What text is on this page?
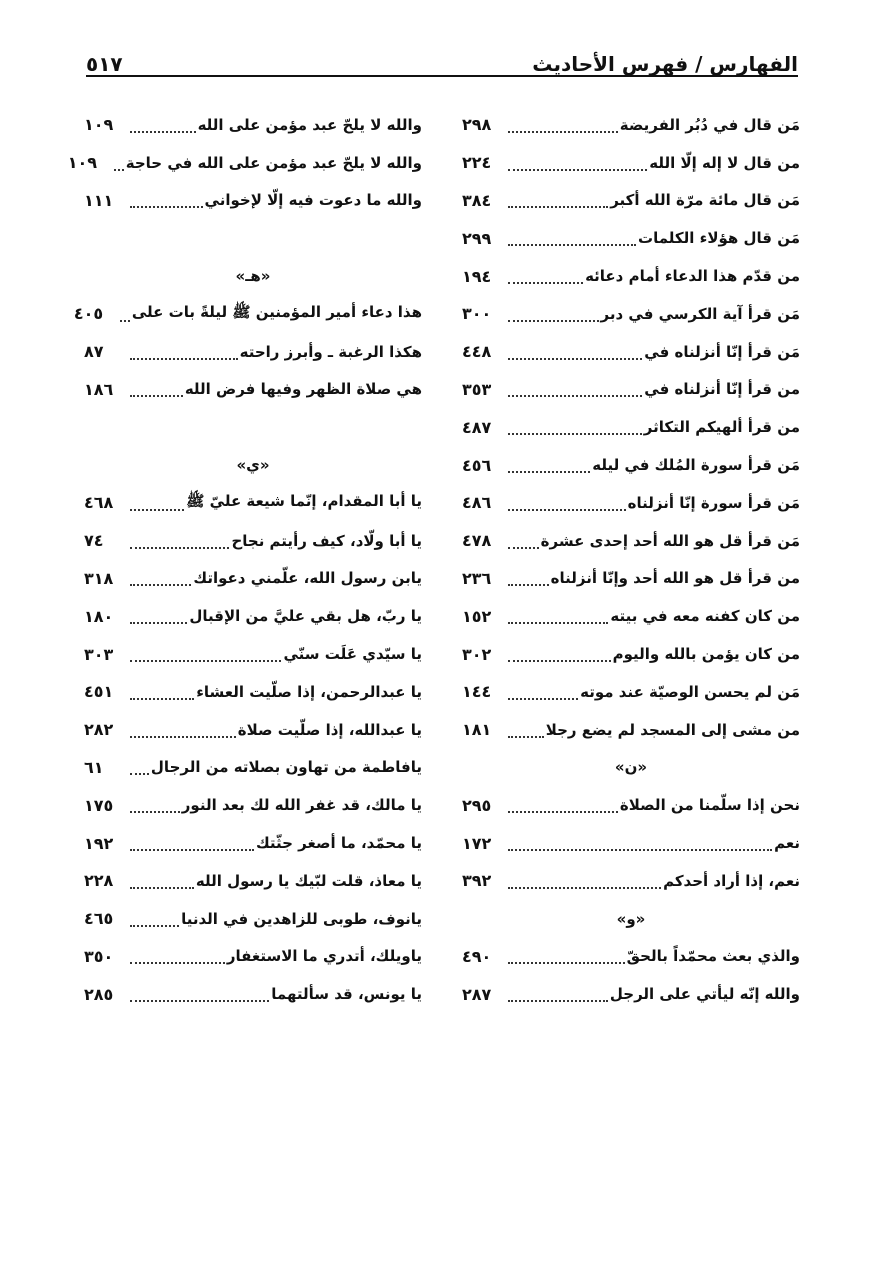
الفهارس / فهرس الأحاديث
٥١٧
مَن قال في دُبُر الفريضة
٢٩٨
من قال لا إله إلّا الله
٢٢٤
مَن قال مائة مرّة الله أكبر
٣٨٤
مَن قال هؤلاء الكلمات
٢٩٩
من قدّم هذا الدعاء أمام دعائه
١٩٤
مَن قرأ آية الكرسي في دبر
٣٠٠
مَن قرأ إنّا أنزلناه في
٤٤٨
من قرأ إنّا أنزلناه في
٣٥٣
من قرأ ألهيكم التكاثر
٤٨٧
مَن قرأ سورة المُلك في ليله
٤٥٦
مَن قرأ سورة إنّا أنزلناه
٤٨٦
مَن قرأ قل هو الله أحد إحدى عشرة
٤٧٨
من قرأ قل هو الله أحد وإنّا أنزلناه
٢٣٦
من كان كفنه معه في بيته
١٥٢
من كان يؤمن بالله واليوم
٣٠٢
مَن لم يحسن الوصيّة عند موته
١٤٤
من مشى إلى المسجد لم يضع رجلا
١٨١
«ن»
نحن إذا سلّمنا من الصلاة
٢٩٥
نعم
١٧٢
نعم، إذا أراد أحدكم
٣٩٢
«و»
والذي بعث محمّداً بالحقّ
٤٩٠
والله إنّه ليأتي على الرجل
٢٨٧
والله لا يلحّ عبد مؤمن على الله
١٠٩
والله لا يلحّ عبد مؤمن على الله في حاجة
١٠٩
والله ما دعوت فيه إلّا لإخواني
١١١
«هـ»
هذا دعاء أمير المؤمنين ﷺ ليلةً بات على
٤٠٥
هكذا الرغبة ـ وأبرز راحته
٨٧
هي صلاة الظهر وفيها فرض الله
١٨٦
«ي»
يا أبا المقدام، إنّما شيعة عليّ ﷺ
٤٦٨
يا أبا ولّاد، كيف رأيتم نجاح
٧٤
يابن رسول الله، علّمني دعواتك
٣١٨
يا ربّ، هل بقي عليَّ من الإقبال
١٨٠
يا سيّدي عَلَت سنّي
٣٠٣
يا عبدالرحمن، إذا صلّيت العشاء
٤٥١
يا عبدالله، إذا صلّيت صلاة
٢٨٢
يافاطمة من تهاون بصلاته من الرجال
٦١
يا مالك، قد غفر الله لك بعد النور
١٧٥
يا محمّد، ما أصغر جثّتك
١٩٢
يا معاذ، قلت لبّيك يا رسول الله
٢٢٨
يانوف، طوبى للزاهدين في الدنيا
٤٦٥
ياويلك، أتدري ما الاستغفار
٣٥٠
يا يونس، قد سألتهما
٢٨٥
